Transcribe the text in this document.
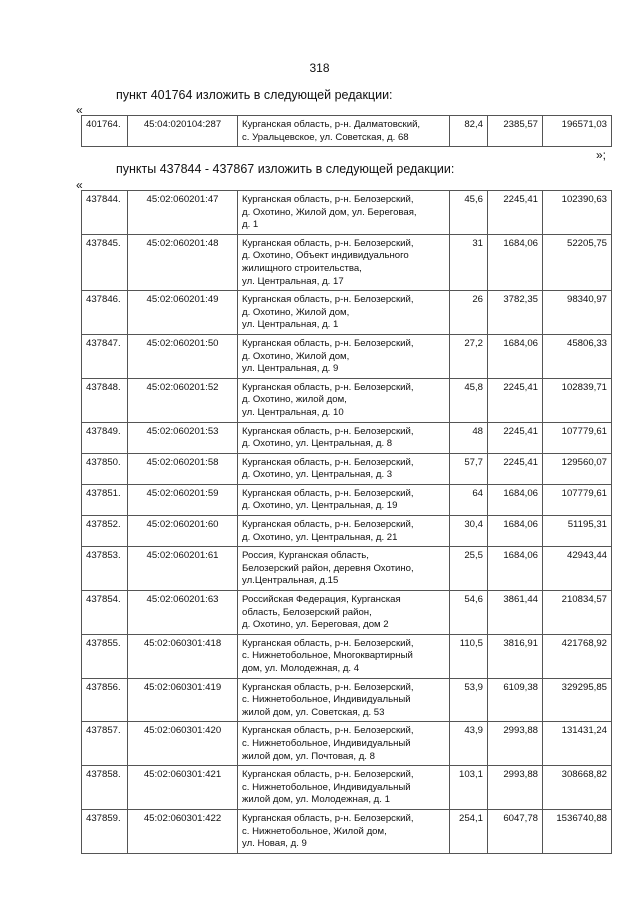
318
пункт 401764 изложить в следующей редакции:
«
401764.	45:04:020104:287	Курганская область, р-н. Далматовский,
с. Уральцевское, ул. Советская, д. 68
	82,4	2385,57	196571,03
»;
пункты 437844 - 437867 изложить в следующей редакции:
«
437844.	45:02:060201:47	Курганская область, р-н. Белозерский,
д. Охотино, Жилой дом, ул. Береговая,
д. 1	45,6	2245,41	102390,63
437845.	45:02:060201:48	Курганская область, р-н. Белозерский,
д. Охотино, Объект индивидуального
жилищного строительства,
ул. Центральная, д. 17	31	1684,06	52205,75
437846.	45:02:060201:49	Курганская область, р-н. Белозерский,
д. Охотино, Жилой дом,
ул. Центральная, д. 1	26	3782,35	98340,97
437847.	45:02:060201:50	Курганская область, р-н. Белозерский,
д. Охотино, Жилой дом,
ул. Центральная, д. 9	27,2	1684,06	45806,33
437848.	45:02:060201:52	Курганская область, р-н. Белозерский,
д. Охотино, жилой дом,
ул. Центральная, д. 10	45,8	2245,41	102839,71
437849.	45:02:060201:53	Курганская область, р-н. Белозерский,
д. Охотино, ул. Центральная, д. 8	48	2245,41	107779,61
437850.	45:02:060201:58	Курганская область, р-н. Белозерский,
д. Охотино, ул. Центральная, д. 3	57,7	2245,41	129560,07
437851.	45:02:060201:59	Курганская область, р-н. Белозерский,
д. Охотино, ул. Центральная, д. 19	64	1684,06	107779,61
437852.	45:02:060201:60	Курганская область, р-н. Белозерский,
д. Охотино, ул. Центральная, д. 21	30,4	1684,06	51195,31
437853.	45:02:060201:61	Россия, Курганская область,
Белозерский район, деревня Охотино,
ул.Центральная, д.15	25,5	1684,06	42943,44
437854.	45:02:060201:63	Российская Федерация, Курганская
область, Белозерский район,
д. Охотино, ул. Береговая, дом 2	54,6	3861,44	210834,57
437855.	45:02:060301:418	Курганская область, р-н. Белозерский,
с. Нижнетобольное, Многоквартирный
дом, ул. Молодежная, д. 4	110,5	3816,91	421768,92
437856.	45:02:060301:419	Курганская область, р-н. Белозерский,
с. Нижнетобольное, Индивидуальный
жилой дом, ул. Советская, д. 53	53,9	6109,38	329295,85
437857.	45:02:060301:420	Курганская область, р-н. Белозерский,
с. Нижнетобольное, Индивидуальный
жилой дом, ул. Почтовая, д. 8	43,9	2993,88	131431,24
437858.	45:02:060301:421	Курганская область, р-н. Белозерский,
с. Нижнетобольное, Индивидуальный
жилой дом, ул. Молодежная, д. 1	103,1	2993,88	308668,82
437859.	45:02:060301:422	Курганская область, р-н. Белозерский,
с. Нижнетобольное, Жилой дом,
ул. Новая, д. 9	254,1	6047,78	1536740,88
